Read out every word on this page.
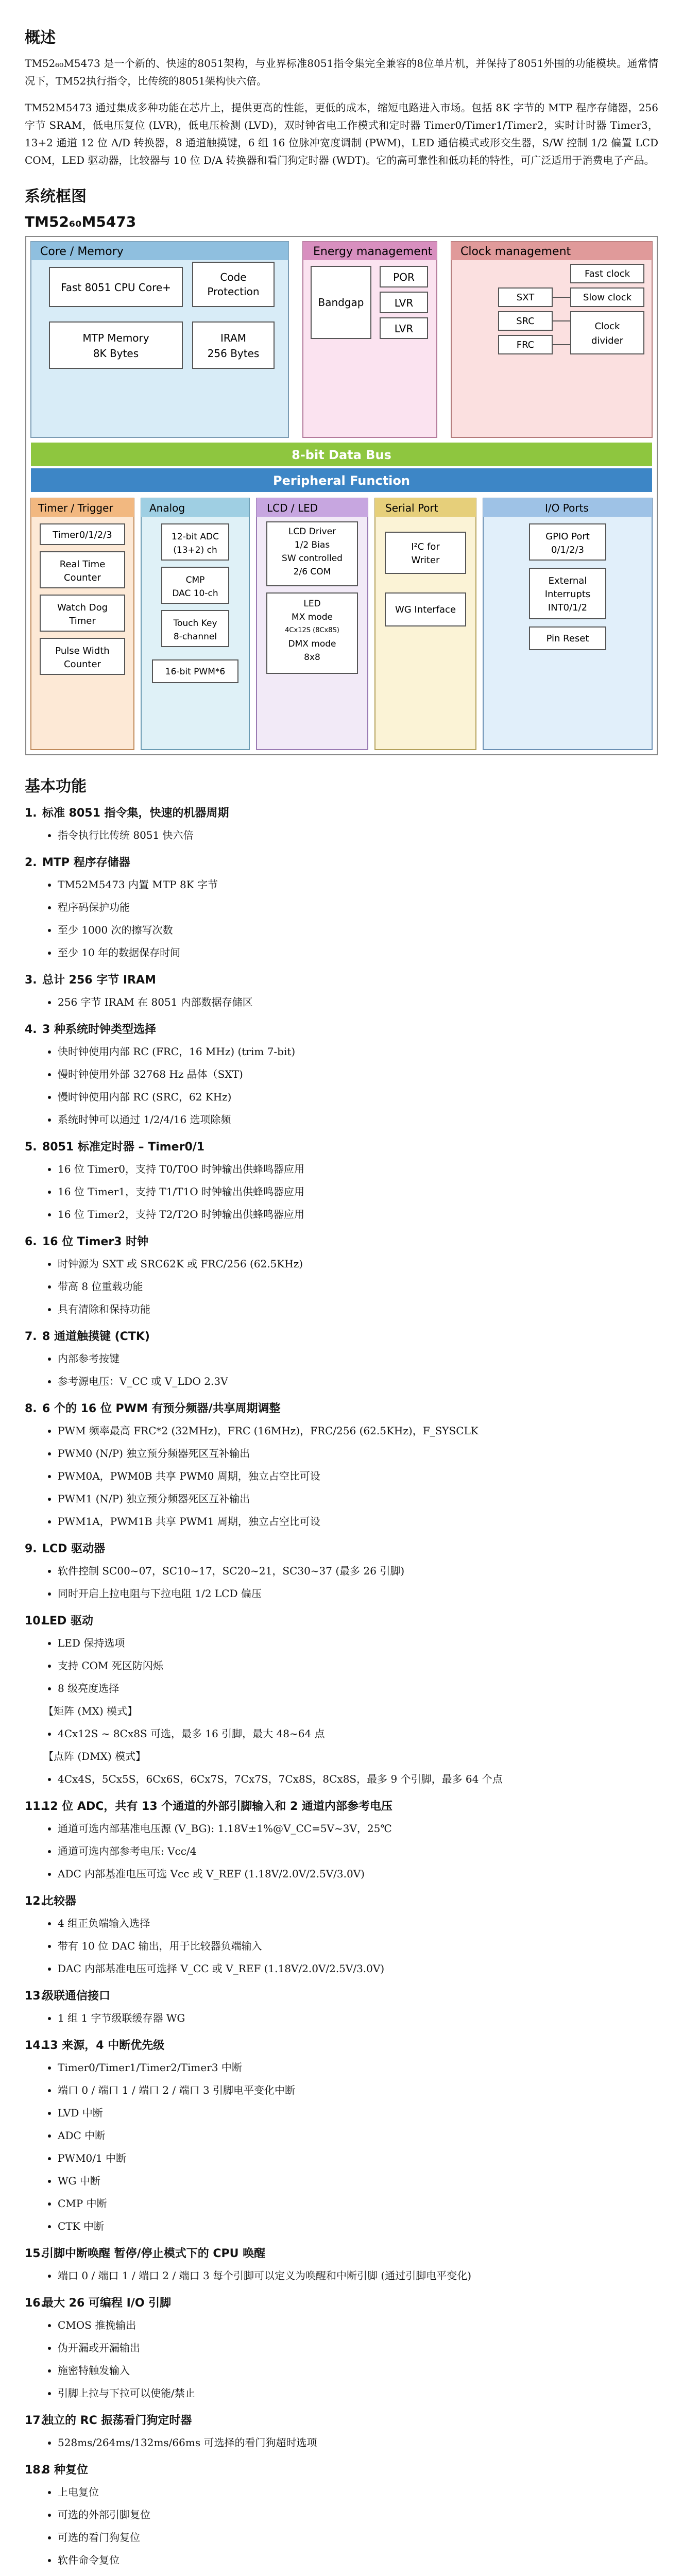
概述

TM52₆₀M5473 是一个新的、快速的8051架构，与业界标准8051指令集完全兼容的8位单片机，并保持了8051外围的功能模块。通常情况下，TM52执行指令，比传统的8051架构快六倍。

TM52M5473 通过集成多种功能在芯片上，提供更高的性能，更低的成本，缩短电路进入市场。包括 8K 字节的 MTP 程序存储器，256 字节 SRAM，低电压复位 (LVR)，低电压检测 (LVD)，双时钟省电工作模式和定时器 Timer0/Timer1/Timer2，实时计时器 Timer3，13+2 通道 12 位 A/D 转换器，8 通道触摸键，6 组 16 位脉冲宽度调制 (PWM)，LED 通信模式或形交生器，S/W 控制 1/2 偏置 LCD COM，LED 驱动器，比较器与 10 位 D/A 转换器和看门狗定时器 (WDT)。它的高可靠性和低功耗的特性，可广泛适用于消费电子产品。

系统框图
TM52₆₀M5473
Core / Memory
Fast 8051 CPU Core+
Code
Protection
MTP Memory
8K Bytes
IRAM
256 Bytes
Energy management
Bandgap
POR
LVR
LVR
Clock management
Fast clock
SXT	Slow clock
SRC
FRC
Clock
divider
8-bit Data Bus
Peripheral Function
Timer / Trigger
Timer0/1/2/3
Real Time
Counter
Watch Dog
Timer
Pulse Width
Counter
Analog
12-bit ADC
(13+2) ch
CMP
DAC 10-ch
Touch Key
8-channel
16-bit PWM*6
LCD / LED
LCD Driver
1/2 Bias
SW controlled
2/6 COM
LED
MX mode
4Cx12S (8Cx8S)
DMX mode
8x8
Serial Port
I²C for
Writer
WG Interface
I/O Ports
GPIO Port
0/1/2/3
External
Interrupts
INT0/1/2
Pin Reset
基本功能
1. 标准 8051 指令集，快速的机器周期
• 指令执行比传统 8051 快六倍
2. MTP 程序存储器
• TM52M5473 内置 MTP 8K 字节
• 程序码保护功能
• 至少 1000 次的擦写次数
• 至少 10 年的数据保存时间
3. 总计 256 字节 IRAM
• 256 字节 IRAM 在 8051 内部数据存储区
4. 3 种系统时钟类型选择
• 快时钟使用内部 RC (FRC，16 MHz) (trim 7-bit)
• 慢时钟使用外部 32768 Hz 晶体（SXT)
• 慢时钟使用内部 RC (SRC，62 KHz)
• 系统时钟可以通过 1/2/4/16 选项除频
5. 8051 标准定时器 – Timer0/1
• 16 位 Timer0，支持 T0/T0O 时钟输出供蜂鸣器应用
• 16 位 Timer1，支持 T1/T1O 时钟输出供蜂鸣器应用
• 16 位 Timer2，支持 T2/T2O 时钟输出供蜂鸣器应用
6. 16 位 Timer3 时钟
• 时钟源为 SXT 或 SRC62K 或 FRC/256 (62.5KHz)
• 带高 8 位重载功能
• 具有清除和保持功能
7. 8 通道触摸键 (CTK)
• 内部参考按键
• 参考源电压：V_CC 或 V_LDO 2.3V
8. 6 个的 16 位 PWM 有预分频器/共享周期调整
• PWM 频率最高 FRC*2 (32MHz)，FRC (16MHz)，FRC/256 (62.5KHz)，F_SYSCLK
• PWM0 (N/P) 独立预分频器死区互补输出
• PWM0A，PWM0B 共享 PWM0 周期，独立占空比可设
• PWM1 (N/P) 独立预分频器死区互补输出
• PWM1A，PWM1B 共享 PWM1 周期，独立占空比可设
9. LCD 驱动器
• 软件控制 SC00~07，SC10~17，SC20~21，SC30~37 (最多 26 引脚)
• 同时开启上拉电阻与下拉电阻 1/2 LCD 偏压
10.LED 驱动
• LED 保持选项
• 支持 COM 死区防闪烁
• 8 级亮度选择
【矩阵 (MX) 模式】
• 4Cx12S ~ 8Cx8S 可选，最多 16 引脚，最大 48~64 点
【点阵 (DMX) 模式】
• 4Cx4S，5Cx5S，6Cx6S，6Cx7S，7Cx7S，7Cx8S，8Cx8S，最多 9 个引脚，最多 64 个点
11.12 位 ADC，共有 13 个通道的外部引脚输入和 2 通道内部参考电压
• 通道可选内部基准电压源 (V_BG): 1.18V±1%@V_CC=5V~3V，25℃
• 通道可选内部参考电压: Vcc/4
• ADC 内部基准电压可选 Vcc 或 V_REF (1.18V/2.0V/2.5V/3.0V)
12.比较器
• 4 组正负端输入选择
• 带有 10 位 DAC 输出，用于比较器负端输入
• DAC 内部基准电压可选择 V_CC 或 V_REF (1.18V/2.0V/2.5V/3.0V)
13.级联通信接口
• 1 组 1 字节级联缓存器 WG
14.13 来源，4 中断优先级
• Timer0/Timer1/Timer2/Timer3 中断
• 端口 0 / 端口 1 / 端口 2 / 端口 3 引脚电平变化中断
• LVD 中断
• ADC 中断
• PWM0/1 中断
• WG 中断
• CMP 中断
• CTK 中断
15.引脚中断唤醒 暂停/停止模式下的 CPU 唤醒
• 端口 0 / 端口 1 / 端口 2 / 端口 3 每个引脚可以定义为唤醒和中断引脚 (通过引脚电平变化)
16.最大 26 可编程 I/O 引脚
• CMOS 推挽输出
• 伪开漏或开漏输出
• 施密特触发输入
• 引脚上拉与下拉可以使能/禁止
17.独立的 RC 振荡看门狗定时器
• 528ms/264ms/132ms/66ms 可选择的看门狗超时选项
18.8 种复位
• 上电复位
• 可选的外部引脚复位
• 可选的看门狗复位
• 软件命令复位
•
